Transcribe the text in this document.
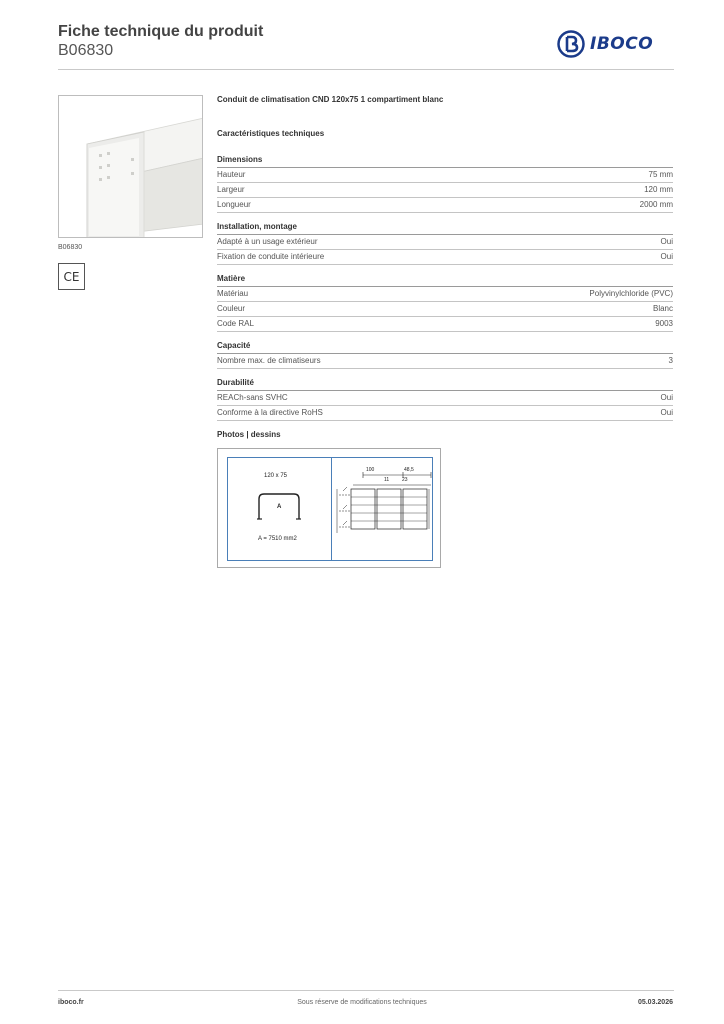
Fiche technique du produit
B06830	IBOCO
B06830
CE
Conduit de climatisation CND 120x75 1 compartiment blanc
Caractéristiques techniques
Dimensions
Hauteur	75 mm
Largeur	120 mm
Longueur	2000 mm
Installation, montage
Adapté à un usage extérieur	Oui
Fixation de conduite intérieure	Oui
Matière
Matériau	Polyvinylchloride (PVC)
Couleur	Blanc
Code RAL	9003
Capacité
Nombre max. de climatiseurs	3
Durabilité
REACh-sans SVHC	Oui
Conforme à la directive RoHS	Oui
Photos | dessins
120 x 75
A
A = 7510 mm2
100	48,5
11	23
iboco.fr	Sous réserve de modifications techniques	05.03.2026
